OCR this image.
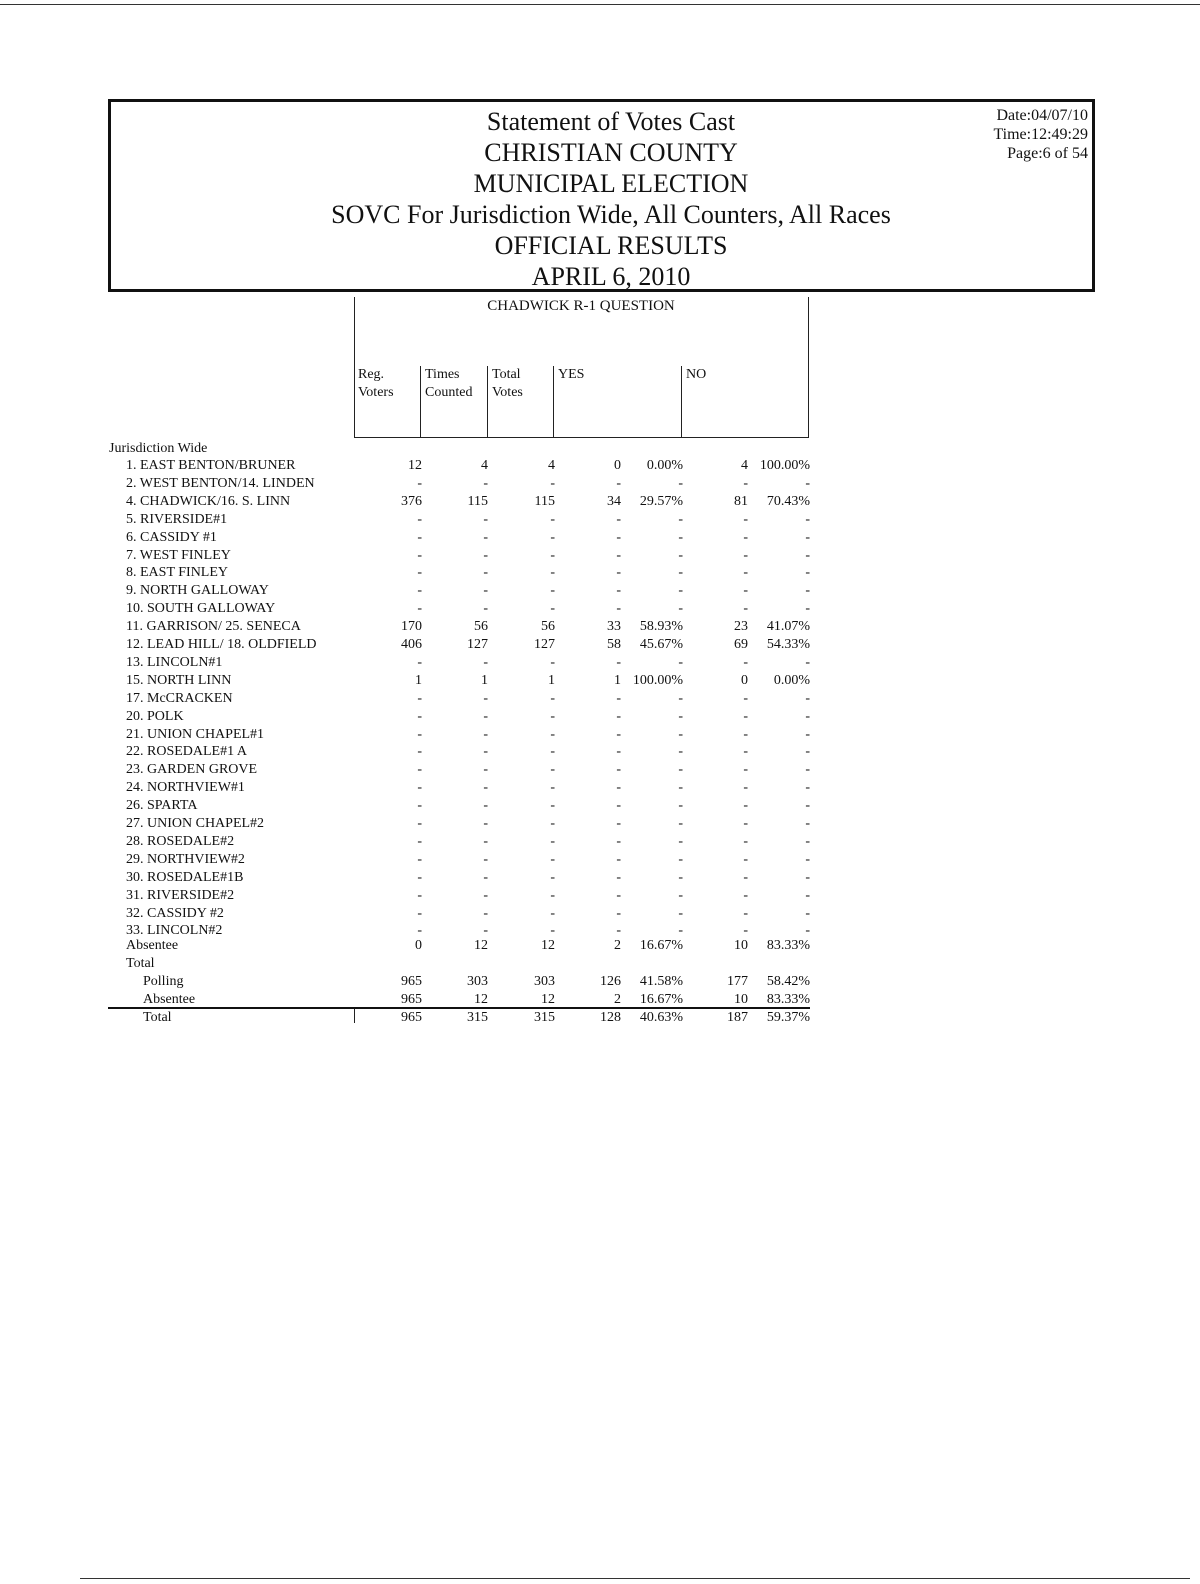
Statement of Votes Cast
CHRISTIAN COUNTY
MUNICIPAL ELECTION
SOVC For Jurisdiction Wide, All Counters, All Races
OFFICIAL RESULTS
APRIL 6, 2010
Date:04/07/10
Time:12:49:29
Page:6 of 54
CHADWICK R-1 QUESTION
Reg.
Voters
Times
Counted
Total
Votes
YES	NO
Jurisdiction Wide
1. EAST BENTON/BRUNER	12	4	4	0	0.00%	4 100.00%
2. WEST BENTON/14. LINDEN	-	-	-	-	-	-	-
4. CHADWICK/16. S. LINN	376	115	115	34	29.57%	81	70.43%
5. RIVERSIDE#1	-	-	-	-	-	-	-
6. CASSIDY #1	-	-	-	-	-	-	-
7. WEST FINLEY	-	-	-	-	-	-	-
8. EAST FINLEY	-	-	-	-	-	-	-
9. NORTH GALLOWAY	-	-	-	-	-	-	-
10. SOUTH GALLOWAY	-	-	-	-	-	-	-
11. GARRISON/ 25. SENECA	170	56	56	33	58.93%	23	41.07%
12. LEAD HILL/ 18. OLDFIELD	406	127	127	58	45.67%	69	54.33%
13. LINCOLN#1	-	-	-	-	-	-	-
15. NORTH LINN	1	1	1	1 100.00%	0	0.00%
17. McCRACKEN	-	-	-	-	-	-	-
20. POLK	-	-	-	-	-	-	-
21. UNION CHAPEL#1	-	-	-	-	-	-	-
22. ROSEDALE#1 A	-	-	-	-	-	-	-
23. GARDEN GROVE	-	-	-	-	-	-	-
24. NORTHVIEW#1	-	-	-	-	-	-	-
26. SPARTA	-	-	-	-	-	-	-
27. UNION CHAPEL#2	-	-	-	-	-	-	-
28. ROSEDALE#2	-	-	-	-	-	-	-
29. NORTHVIEW#2	-	-	-	-	-	-	-
30. ROSEDALE#1B	-	-	-	-	-	-	-
31. RIVERSIDE#2	-	-	-	-	-	-	-
32. CASSIDY #2	-	-	-	-	-	-	-
33. LINCOLN#2	-	-	-	-	-	-	-
Absentee	0	12	12	2	16.67%	10	83.33%
Polling	965	303	303	126	41.58%	177	58.42%
Absentee	965	12	12	2	16.67%	10	83.33%
Total	965	315	315	128	40.63%	187	59.37%
Total
